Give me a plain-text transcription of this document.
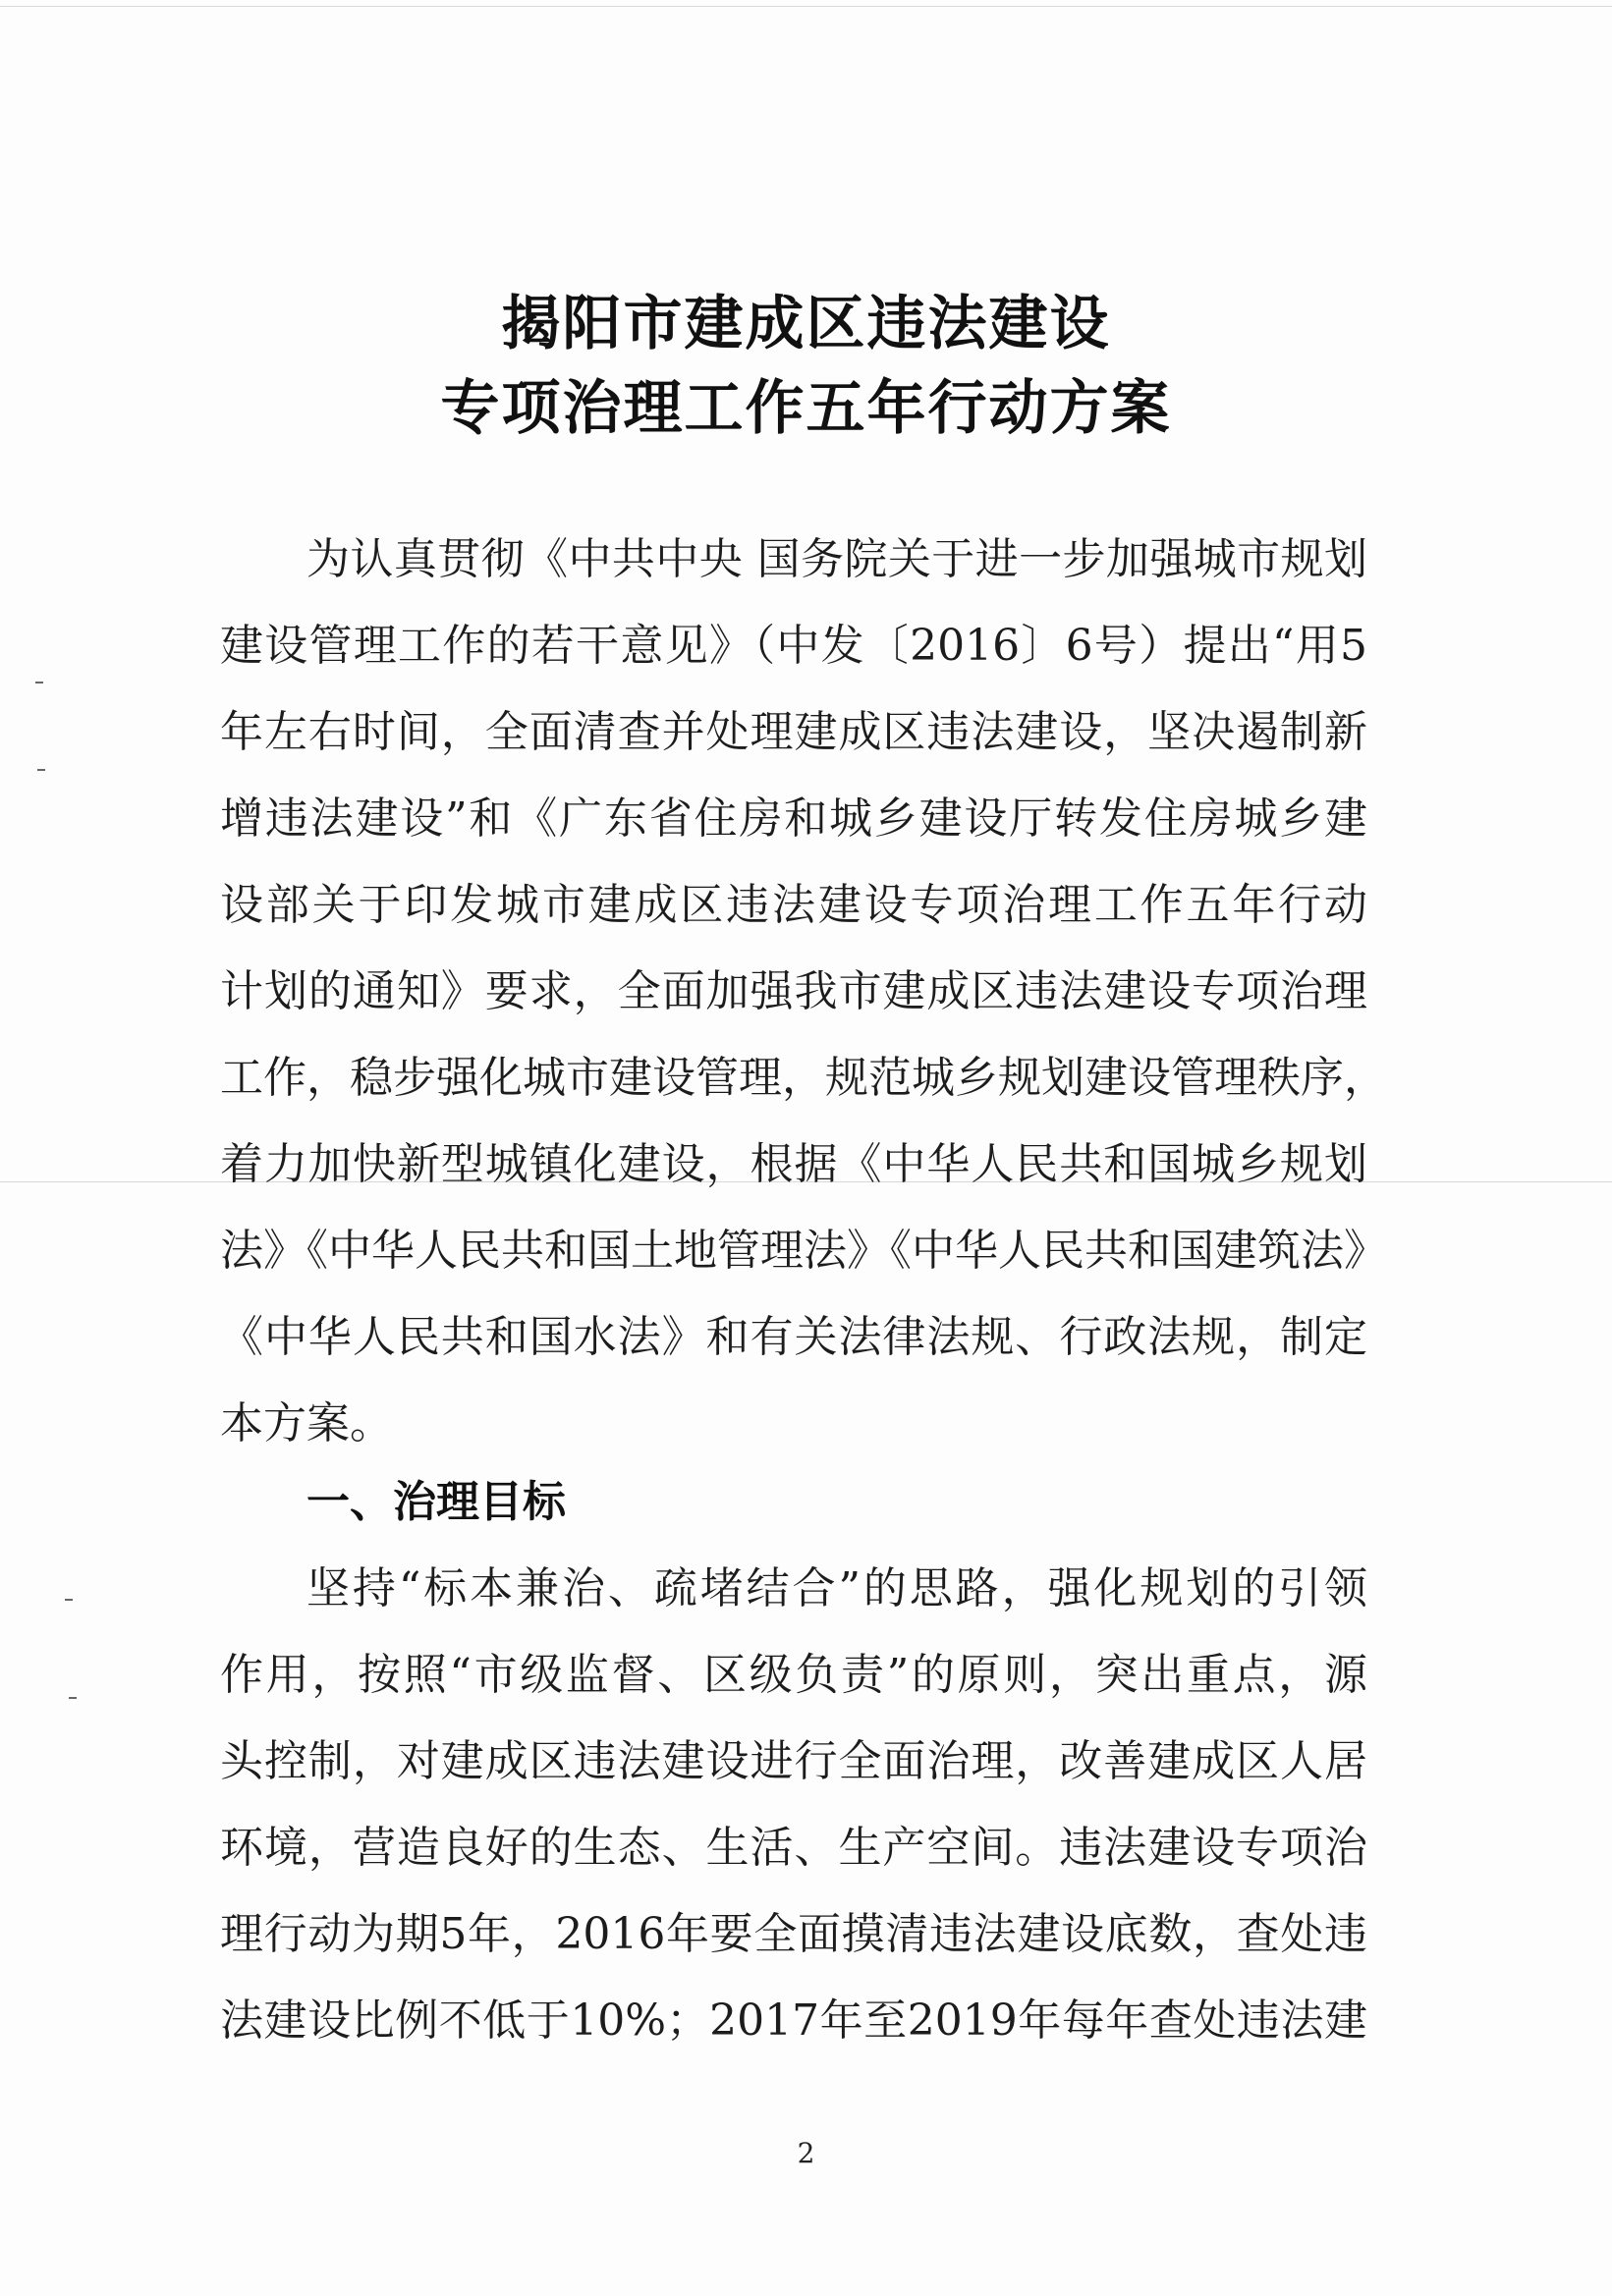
揭阳市建成区违法建设
专项治理工作五年行动方案
为认真贯彻《中共中央 国务院关于进一步加强城市规划
建设管理工作的若干意见》（中发〔2016〕6号）提出“用5
年左右时间，全面清查并处理建成区违法建设，坚决遏制新
增违法建设”和《广东省住房和城乡建设厅转发住房城乡建
设部关于印发城市建成区违法建设专项治理工作五年行动
计划的通知》要求，全面加强我市建成区违法建设专项治理
工作，稳步强化城市建设管理，规范城乡规划建设管理秩序，
着力加快新型城镇化建设，根据《中华人民共和国城乡规划
法》《中华人民共和国土地管理法》《中华人民共和国建筑法》
《中华人民共和国水法》和有关法律法规、行政法规，制定
本方案。
一、治理目标
坚持“标本兼治、疏堵结合”的思路，强化规划的引领
作用，按照“市级监督、区级负责”的原则，突出重点，源
头控制，对建成区违法建设进行全面治理，改善建成区人居
环境，营造良好的生态、生活、生产空间。违法建设专项治
理行动为期5年，2016年要全面摸清违法建设底数，查处违
法建设比例不低于10%；2017年至2019年每年查处违法建
2
